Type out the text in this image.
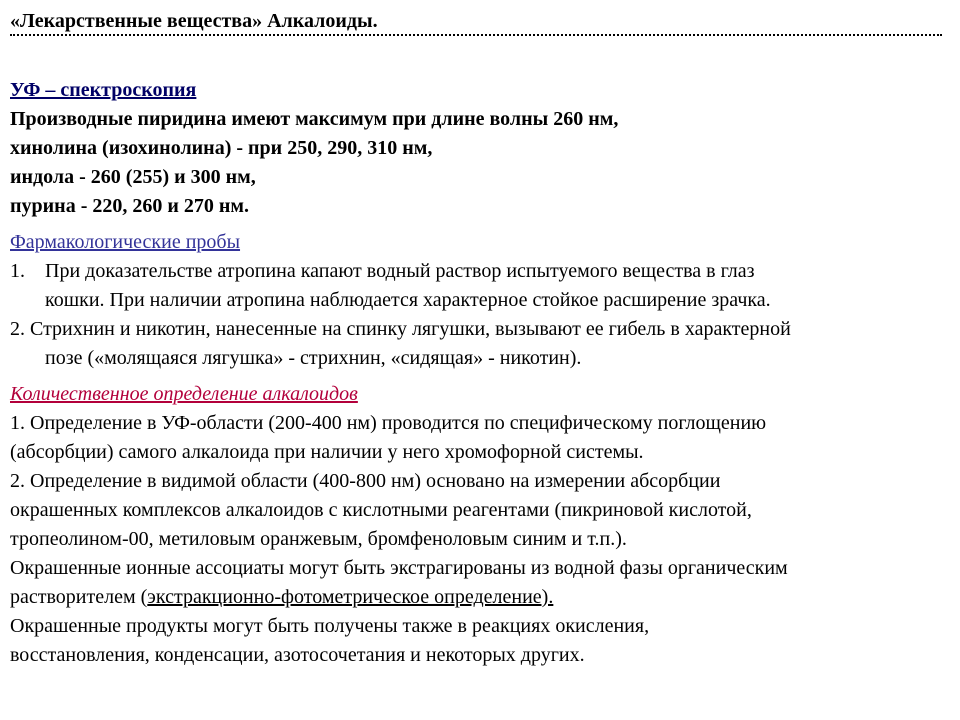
«Лекарственные вещества» Алкалоиды.
УФ – спектроскопия
Производные пиридина имеют максимум при длине волны 260 нм,
хинолина (изохинолина) - при 250, 290, 310 нм,
индола - 260 (255) и 300 нм,
пурина - 220, 260 и 270 нм.
Фармакологические пробы
1. При доказательстве атропина капают водный раствор испытуемого вещества в глаз
кошки. При наличии атропина наблюдается характерное стойкое расширение зрачка.
2. Стрихнин и никотин, нанесенные на спинку лягушки, вызывают ее гибель в характерной
позе («молящаяся лягушка» - стрихнин, «сидящая» - никотин).
Количественное определение алкалоидов
1. Определение в УФ-области (200-400 нм) проводится по специфическому поглощению
(абсорбции) самого алкалоида при наличии у него хромофорной системы.
2. Определение в видимой области (400-800 нм) основано на измерении абсорбции
окрашенных комплексов алкалоидов с кислотными реагентами (пикриновой кислотой,
тропеолином-00, метиловым оранжевым, бромфеноловым синим и т.п.).
Окрашенные ионные ассоциаты могут быть экстрагированы из водной фазы органическим
растворителем (экстракционно-фотометрическое определение).
Окрашенные продукты могут быть получены также в реакциях окисления,
восстановления, конденсации, азотосочетания и некоторых других.
